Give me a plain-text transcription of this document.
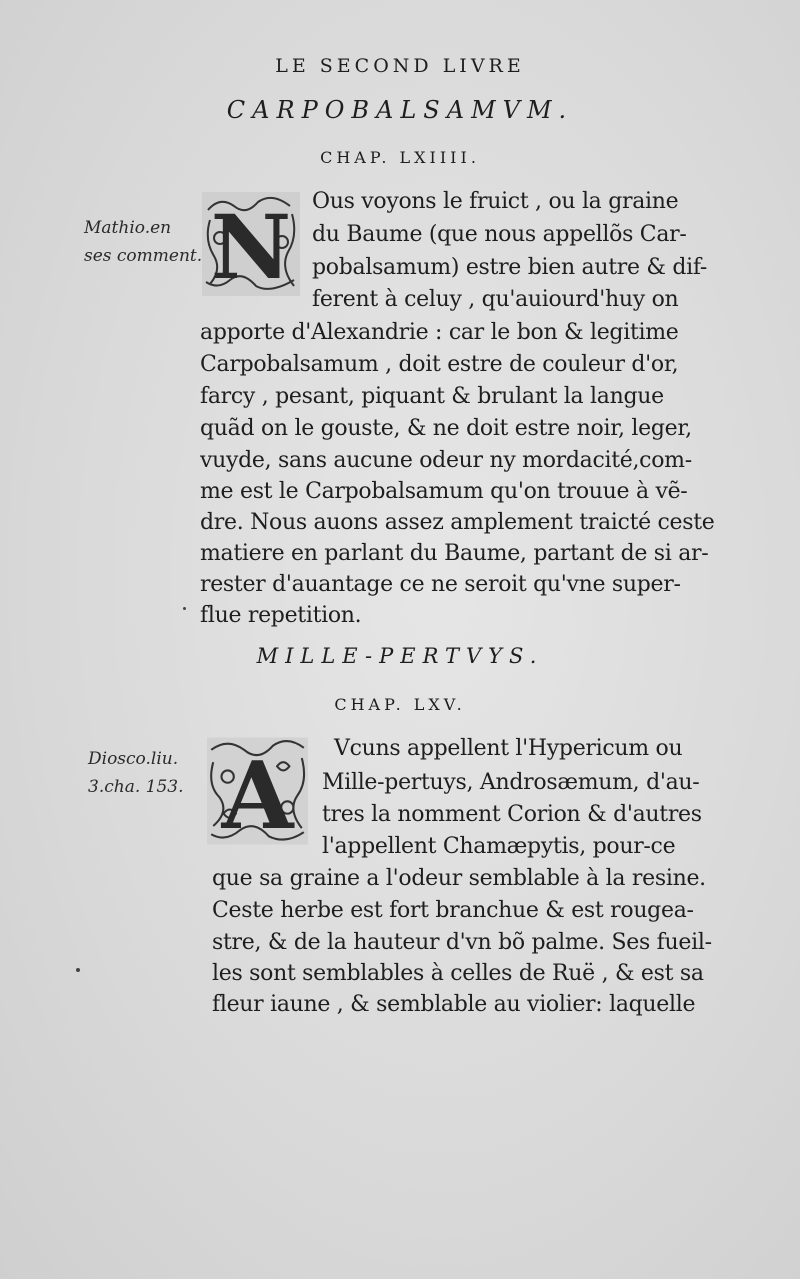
LE SECOND LIVRE
CARPOBALSAMVM.
CHAP. LXIIII.
Mathio.en
ses comment. N Ous voyons le fruict , ou la graine
du Baume (que nous appellõs Car-
pobalsamum) estre bien autre & dif-
ferent à celuy , qu'auiourd'huy on
apporte d'Alexandrie : car le bon & legitime
Carpobalsamum , doit estre de couleur d'or,
farcy , pesant, piquant & brulant la langue
quãd on le gouste, & ne doit estre noir, leger,
vuyde, sans aucune odeur ny mordacité,com-
me est le Carpobalsamum qu'on trouue à vẽ-
dre. Nous auons assez amplement traicté ceste
matiere en parlant du Baume, partant de si ar-
rester d'auantage ce ne seroit qu'vne super-
flue repetition.
MILLE-PERTVYS.
CHAP. LXV.
Diosco.liu.
3.cha. 153. A Vcuns appellent l'Hypericum ou
Mille-pertuys, Androsæmum, d'au-
tres la nomment Corion & d'autres
l'appellent Chamæpytis, pour-ce
que sa graine a l'odeur semblable à la resine.
Ceste herbe est fort branchue & est rougea-
stre, & de la hauteur d'vn bõ palme. Ses fueil-
les sont semblables à celles de Ruë , & est sa
fleur iaune , & semblable au violier: laquelle
